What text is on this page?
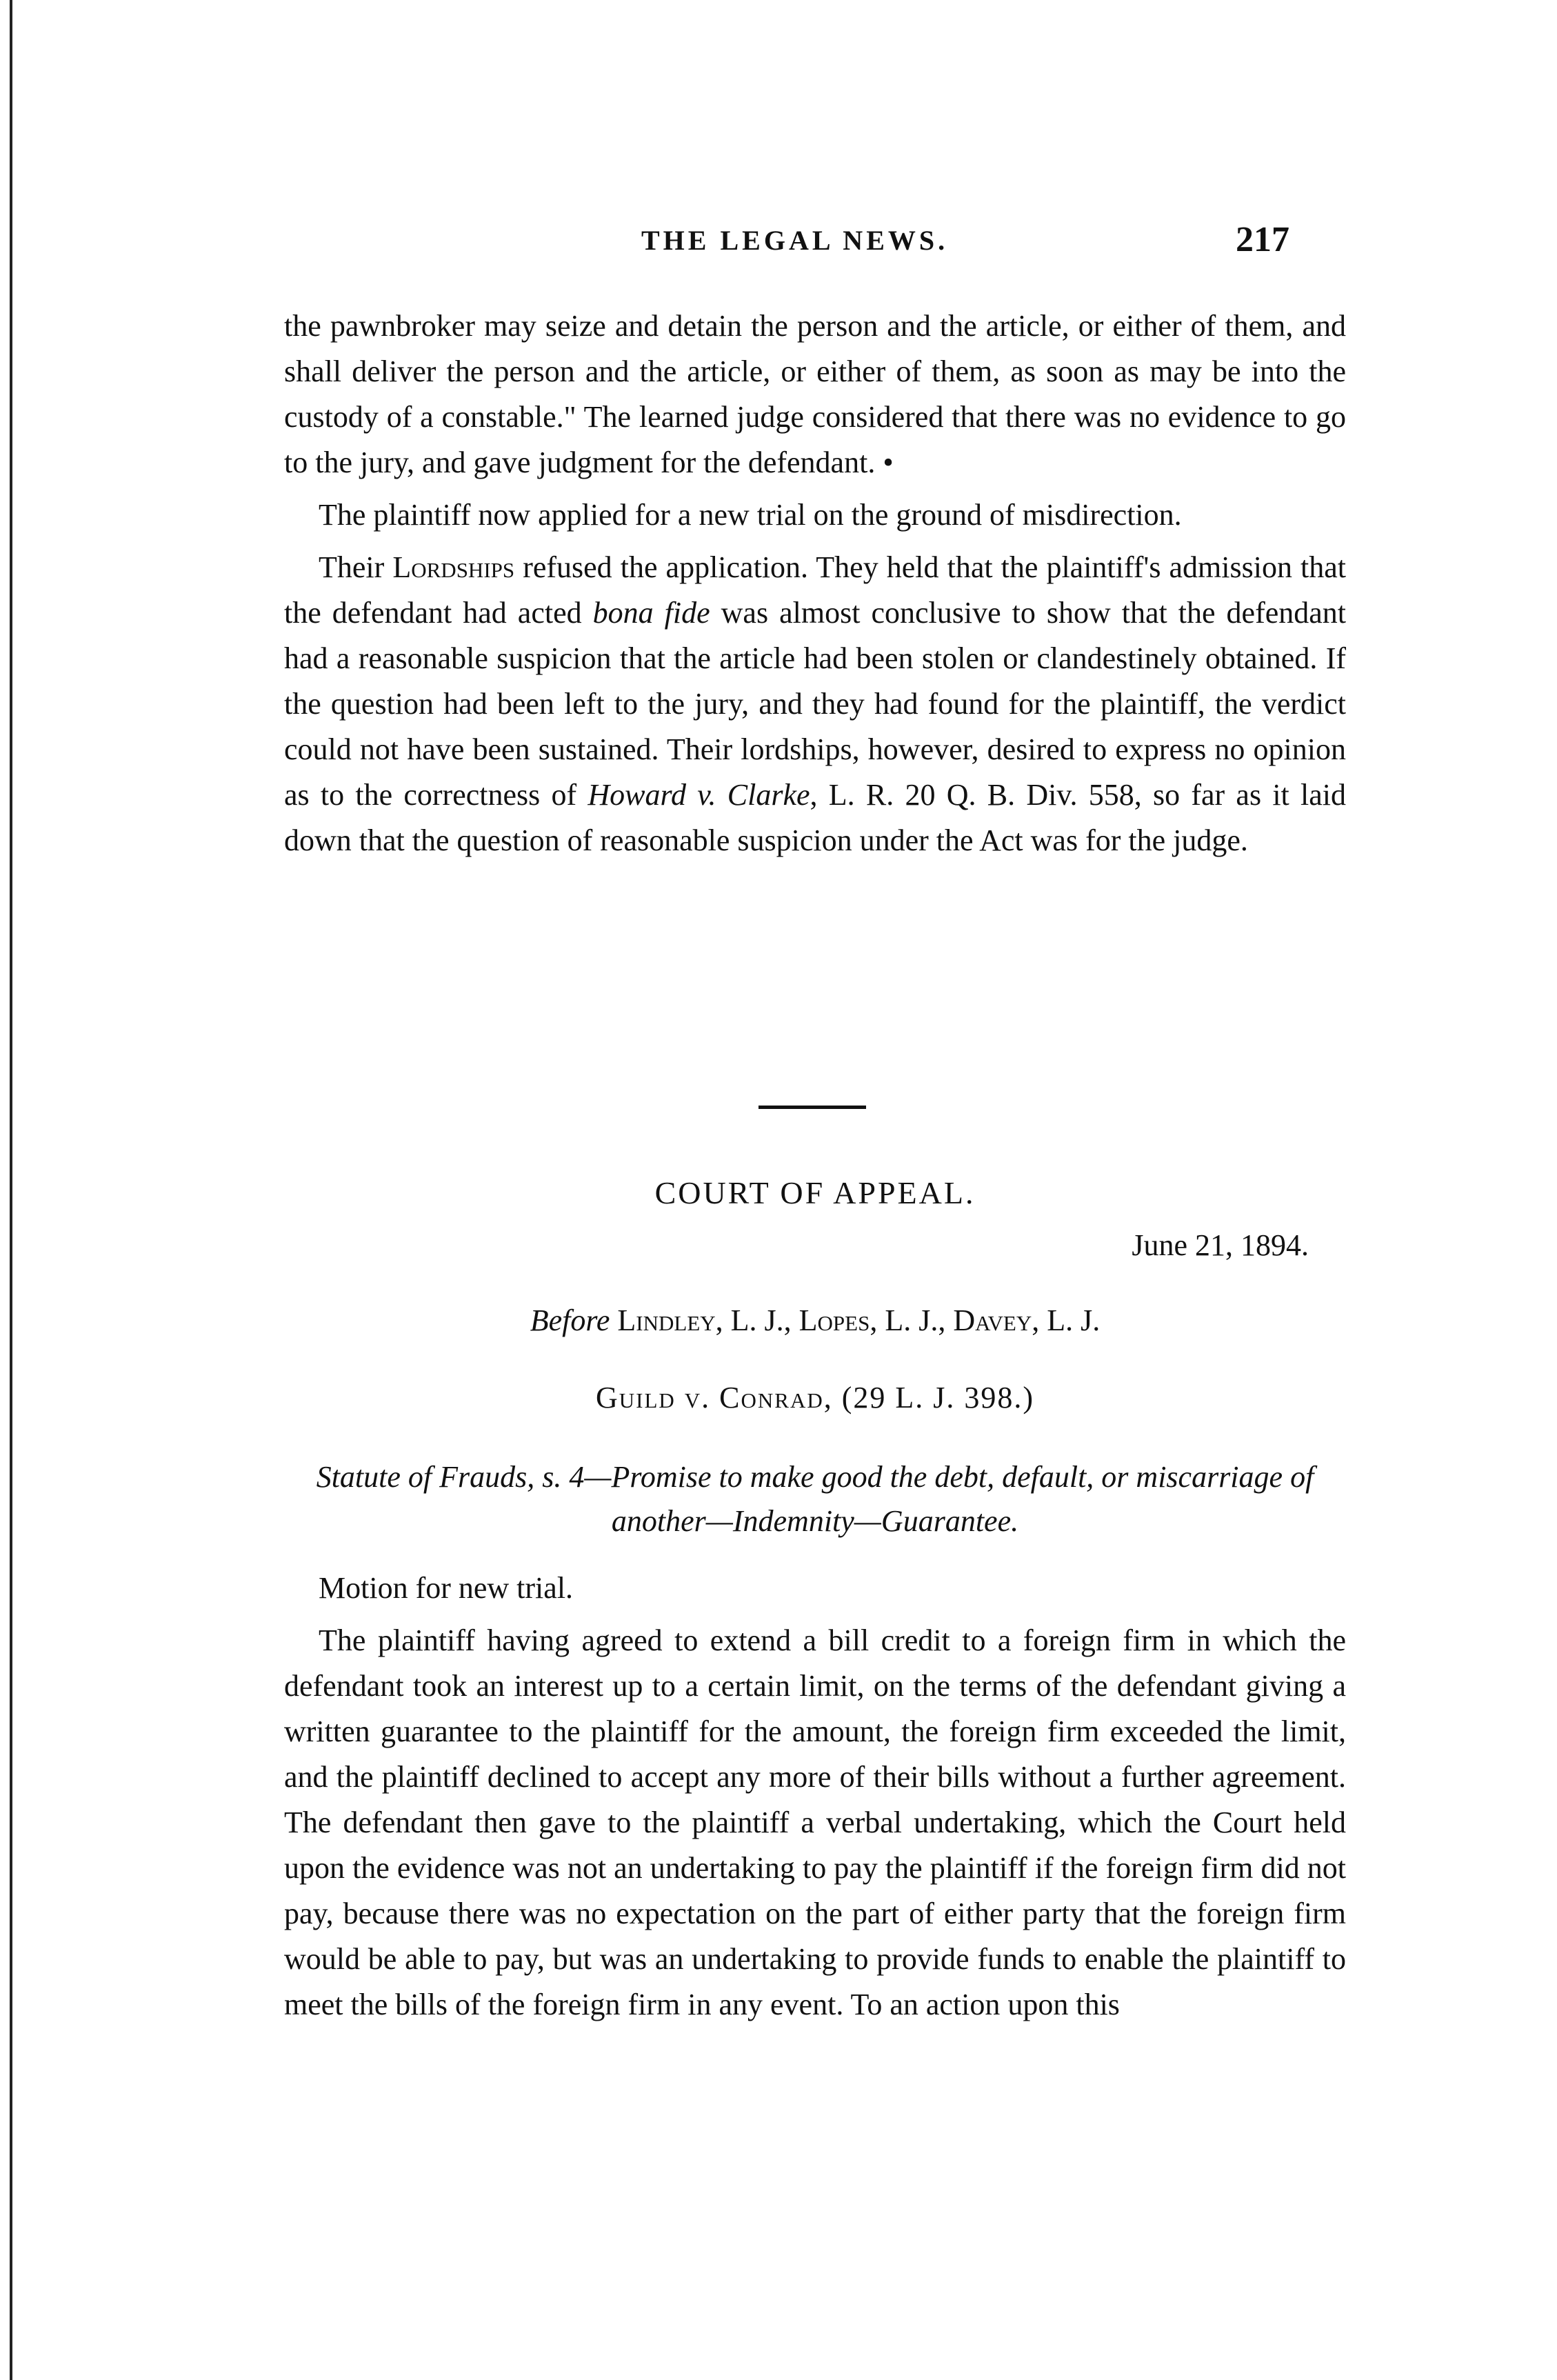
THE LEGAL NEWS.	217

the pawnbroker may seize and detain the person and the article, or either of them, and shall deliver the person and the article, or either of them, as soon as may be into the custody of a constable." The learned judge considered that there was no evidence to go to the jury, and gave judgment for the defendant. •

The plaintiff now applied for a new trial on the ground of misdirection.

Their Lordships refused the application. They held that the plaintiff's admission that the defendant had acted bona fide was almost conclusive to show that the defendant had a reasonable suspicion that the article had been stolen or clandestinely obtained. If the question had been left to the jury, and they had found for the plaintiff, the verdict could not have been sustained. Their lordships, however, desired to express no opinion as to the correctness of Howard v. Clarke, L. R. 20 Q. B. Div. 558, so far as it laid down that the question of reasonable suspicion under the Act was for the judge.

COURT OF APPEAL.
June 21, 1894.
Before Lindley, L. J., Lopes, L. J., Davey, L. J.
Guild v. Conrad, (29 L. J. 398.)
Statute of Frauds, s. 4—Promise to make good the debt, default, or miscarriage of another—Indemnity—Guarantee.

Motion for new trial.

The plaintiff having agreed to extend a bill credit to a foreign firm in which the defendant took an interest up to a certain limit, on the terms of the defendant giving a written guarantee to the plaintiff for the amount, the foreign firm exceeded the limit, and the plaintiff declined to accept any more of their bills without a further agreement. The defendant then gave to the plaintiff a verbal undertaking, which the Court held upon the evidence was not an undertaking to pay the plaintiff if the foreign firm did not pay, because there was no expectation on the part of either party that the foreign firm would be able to pay, but was an undertaking to provide funds to enable the plaintiff to meet the bills of the foreign firm in any event. To an action upon this
